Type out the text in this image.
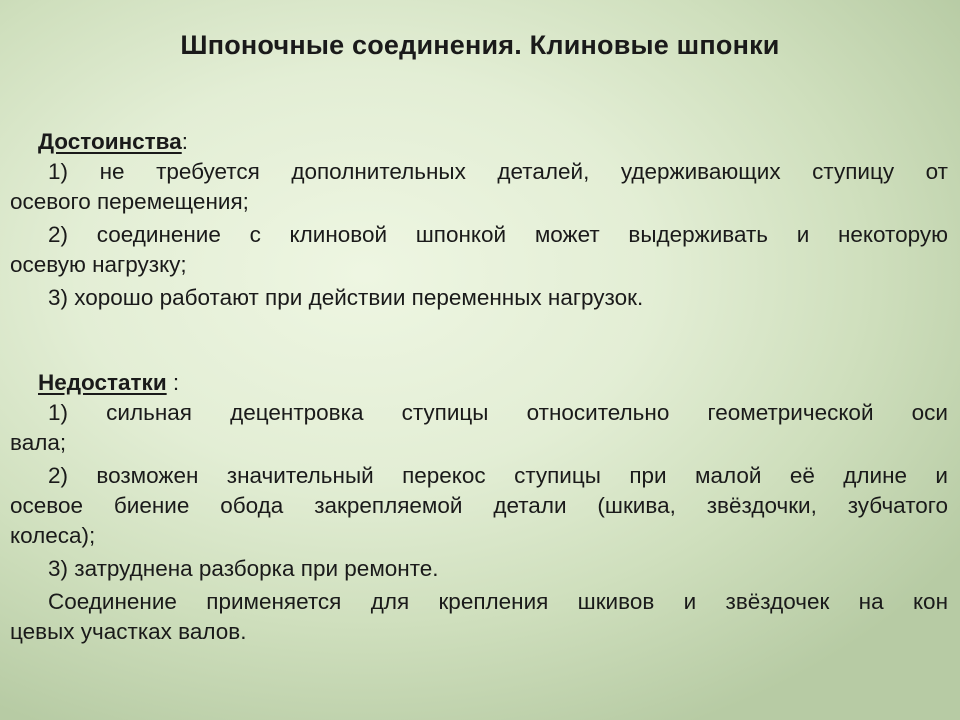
Шпоночные соединения. Клиновые шпонки
Достоинства:
1) не требуется дополнительных деталей, удерживающих ступицу от
осевого перемещения;
2) соединение с клиновой шпонкой может выдерживать и некоторую
осевую нагрузку;
3) хорошо работают при действии переменных нагрузок.
Недостатки :
1) сильная децентровка ступицы относительно геометрической оси
вала;
2) возможен значительный перекос ступицы при малой её длине и
осевое биение обода закрепляемой детали (шкива, звёздочки, зубчатого
колеса);
3) затруднена разборка при ремонте.
Соединение применяется для крепления шкивов и звёздочек на кон
цевых участках валов.
